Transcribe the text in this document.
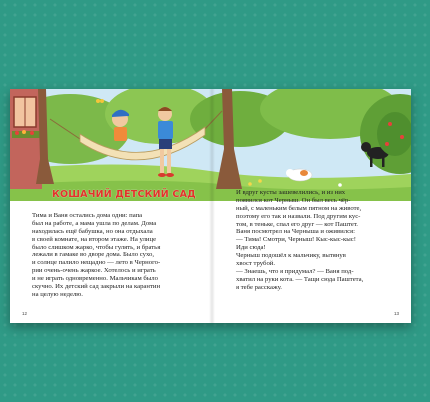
КОШАЧИЙ ДЕТСКИЙ САД
Тима и Ваня остались дома одни: папа
был на работе, а мама ушла по делам. Дома
находилась ещё бабушка, но она отдыхала
в своей комнате, на втором этаже. На улице
было слишком жарко, чтобы гулять, и братья
лежали в гамаке во дворе дома. Было сухо,
и солнце палило нещадно — лето в Черного-
рии очень-очень жаркое. Хотелось и играть
и не играть одновременно. Мальчикам было
скучно. Их детский сад закрыли на карантин
на целую неделю.
И вдруг кусты зашевелились, и из них
появился кот Черныш. Он был весь чёр-
ный, с маленьким белым пятном на животе,
поэтому его так и назвали. Под другим кус-
том, в теньке, спал его друг — кот Паштет.
Ваня посмотрел на Черныша и оживился:
— Тима! Смотри, Черныш! Кыс-кыс-кыс!
Иди сюда!
Черныш подошёл к мальчику, вытянув
хвост трубой.
— Знаешь, что я придумал? — Ваня под-
хватил на руки кота. — Тащи сюда Паштета,
я тебе расскажу.
12	13
